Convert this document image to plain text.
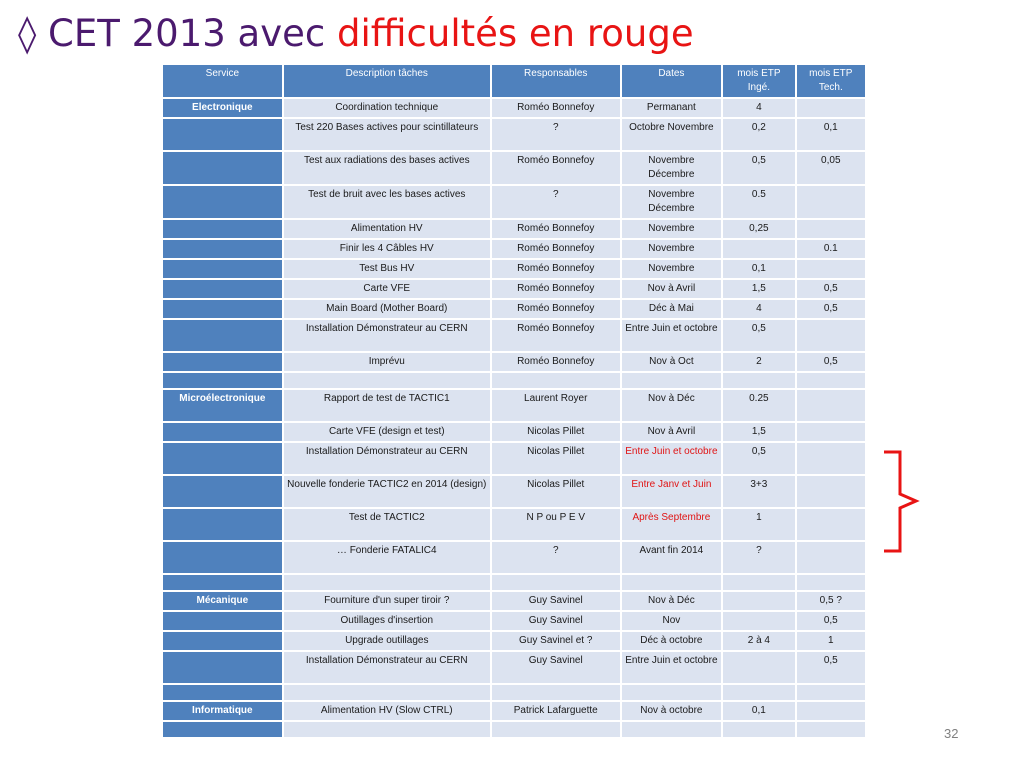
◊ CET 2013 avec difficultés en rouge
Service	Description tâches	Responsables	Dates	mois ETP Ingé.	mois ETP Tech.
Electronique	Coordination technique	Roméo Bonnefoy	Permanant	4	
	Test 220 Bases actives pour scintillateurs	?	Octobre Novembre	0,2	0,1
	Test aux radiations des bases actives	Roméo Bonnefoy	Novembre Décembre	0,5	0,05
	Test de bruit avec les bases actives	?	Novembre Décembre	0.5	
	Alimentation HV	Roméo Bonnefoy	Novembre	0,25	
	Finir les 4 Câbles HV	Roméo Bonnefoy	Novembre		0.1
	Test Bus HV	Roméo Bonnefoy	Novembre	0,1	
	Carte VFE	Roméo Bonnefoy	Nov à Avril	1,5	0,5
	Main Board (Mother Board)	Roméo Bonnefoy	Déc à Mai	4	0,5
	Installation Démonstrateur au CERN	Roméo Bonnefoy	Entre Juin et octobre	0,5	
	Imprévu	Roméo Bonnefoy	Nov à Oct	2	0,5

Microélectronique	Rapport de test de TACTIC1	Laurent Royer	Nov à Déc	0.25	
	Carte VFE (design et test)	Nicolas Pillet	Nov à Avril	1,5	
	Installation Démonstrateur au CERN	Nicolas Pillet	Entre Juin et octobre	0,5	
	Nouvelle fonderie TACTIC2 en 2014 (design)	Nicolas Pillet	Entre Janv et Juin	3+3	
	Test de TACTIC2	N P ou P E V	Après Septembre	1	
	… Fonderie FATALIC4	?	Avant fin 2014	?	

Mécanique	Fourniture d'un super tiroir ?	Guy Savinel	Nov à Déc		0,5 ?
	Outillages d'insertion	Guy Savinel	Nov		0,5
	Upgrade outillages	Guy Savinel et ?	Déc à octobre	2 à 4	1
	Installation Démonstrateur au CERN	Guy Savinel	Entre Juin et octobre		0,5

Informatique	Alimentation HV (Slow CTRL)	Patrick Lafarguette	Nov à octobre	0,1	

32
